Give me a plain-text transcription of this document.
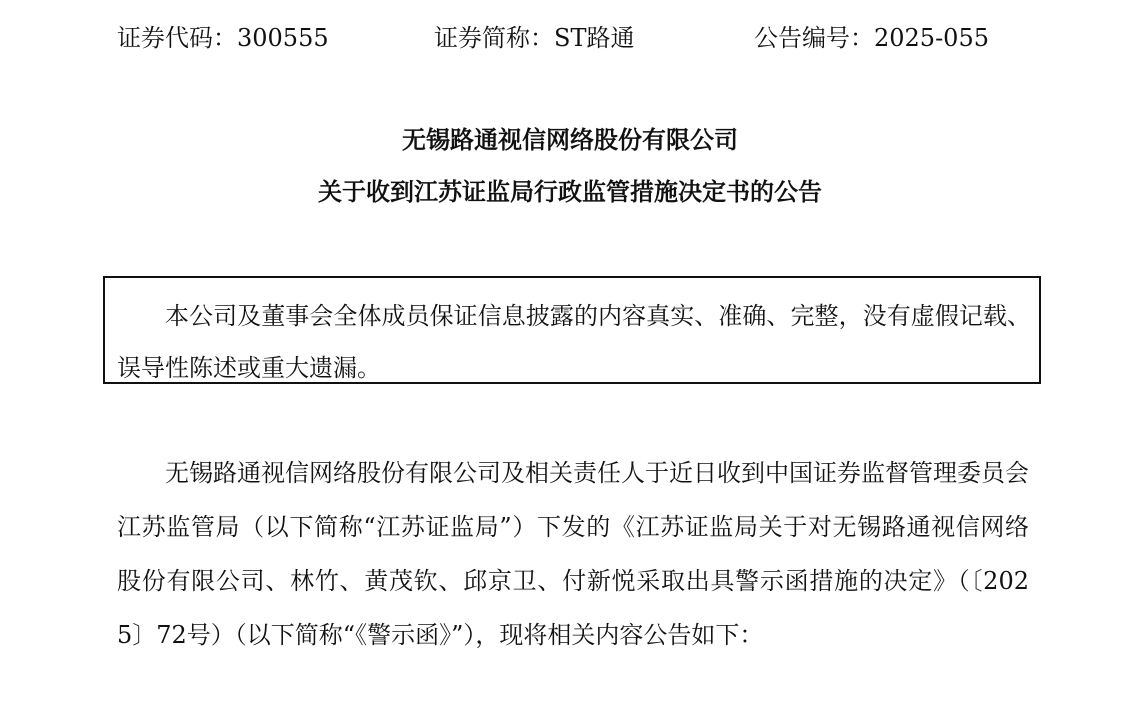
证券代码：300555	证券简称：ST路通	公告编号：2025-055
无锡路通视信网络股份有限公司
关于收到江苏证监局行政监管措施决定书的公告
本公司及董事会全体成员保证信息披露的内容真实、准确、完整，没有虚假记载、误导性陈述或重大遗漏。
无锡路通视信网络股份有限公司及相关责任人于近日收到中国证券监督管理委员会江苏监管局（以下简称“江苏证监局”）下发的《江苏证监局关于对无锡路通视信网络股份有限公司、林竹、黄茂钦、邱京卫、付新悦采取出具警示函措施的决定》（〔2025〕72号）（以下简称“《警示函》”），现将相关内容公告如下：
